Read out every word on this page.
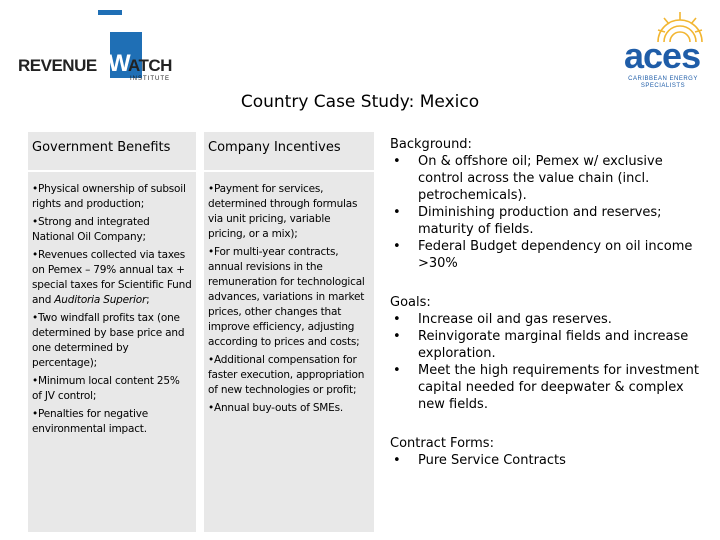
REVENUE W
ATCH
INSTITUTE
aces
CARIBBEAN ENERGY SPECIALISTS
Country Case Study: Mexico
Government Benefits

•Physical ownership of subsoil rights and production;

•Strong and integrated National Oil Company;

•Revenues collected via taxes on Pemex – 79% annual tax + special taxes for Scientific Fund and Auditoria Superior;

•Two windfall profits tax (one determined by base price and one determined by percentage);

•Minimum local content 25% of JV control;

•Penalties for negative environmental impact.

Company Incentives

•Payment for services, determined through formulas via unit pricing, variable pricing, or a mix);

•For multi-year contracts, annual revisions in the remuneration for technological advances, variations in market prices, other changes that improve efficiency, adjusting according to prices and costs;

•Additional compensation for faster execution, appropriation of new technologies or profit;

•Annual buy-outs of SMEs.

Background:
• On & offshore oil; Pemex w/ exclusive control across the value chain (incl. petrochemicals).
• Diminishing production and reserves; maturity of fields.
• Federal Budget dependency on oil income >30%
Goals:
• Increase oil and gas reserves.
• Reinvigorate marginal fields and increase exploration.
• Meet the high requirements for investment capital needed for deepwater & complex new fields.
Contract Forms:
• Pure Service Contracts
